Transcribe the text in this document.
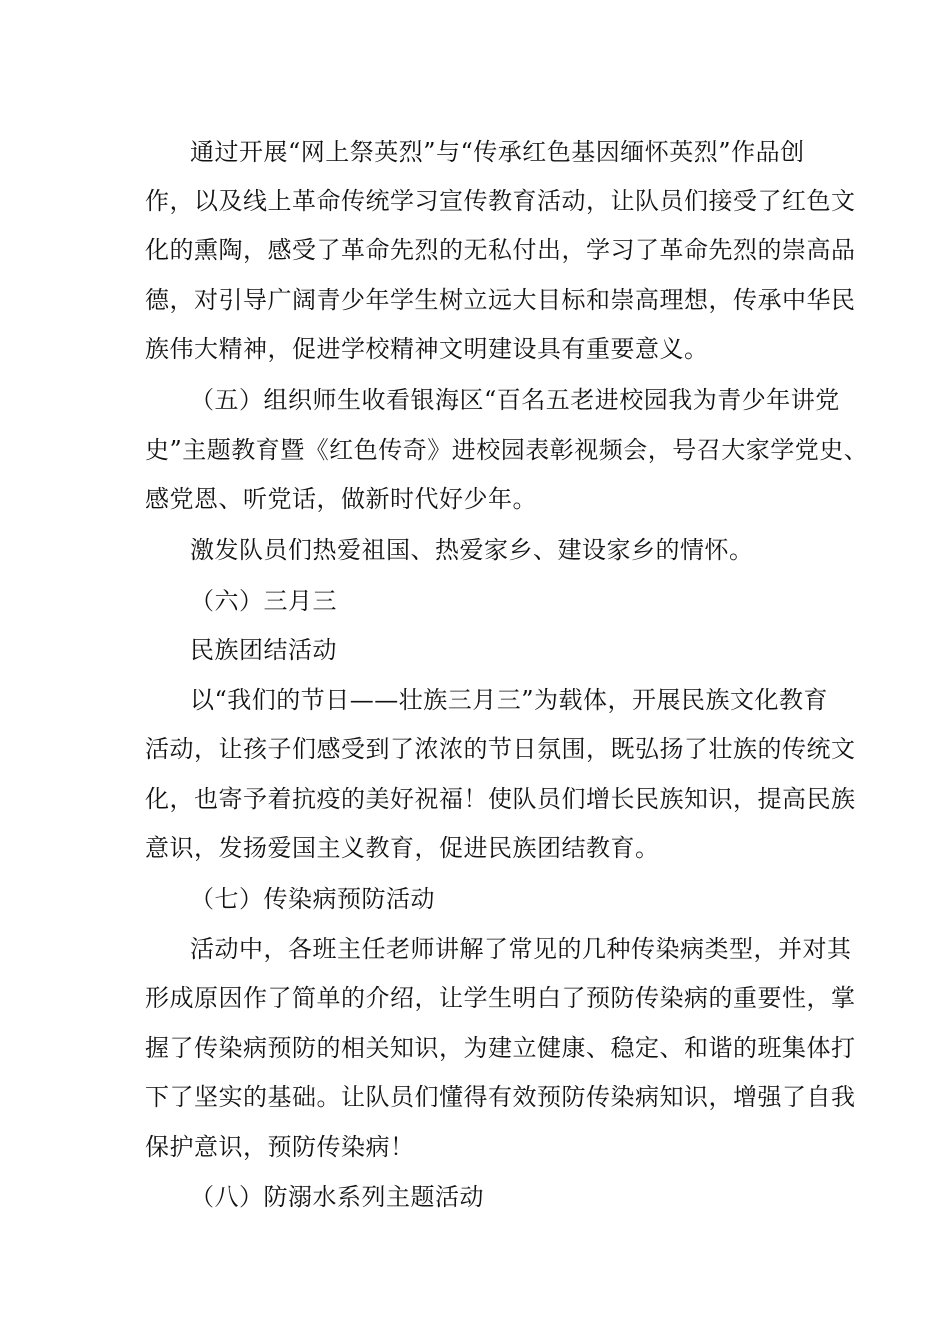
通过开展“网上祭英烈”与“传承红色基因缅怀英烈”作品创
作，以及线上革命传统学习宣传教育活动，让队员们接受了红色文
化的熏陶，感受了革命先烈的无私付出，学习了革命先烈的崇高品
德，对引导广阔青少年学生树立远大目标和崇高理想，传承中华民
族伟大精神，促进学校精神文明建设具有重要意义。
（五）组织师生收看银海区“百名五老进校园我为青少年讲党
史”主题教育暨《红色传奇》进校园表彰视频会，号召大家学党史、
感党恩、听党话，做新时代好少年。
激发队员们热爱祖国、热爱家乡、建设家乡的情怀。
（六）三月三
民族团结活动
以“我们的节日——壮族三月三”为载体，开展民族文化教育
活动，让孩子们感受到了浓浓的节日氛围，既弘扬了壮族的传统文
化，也寄予着抗疫的美好祝福！使队员们增长民族知识，提高民族
意识，发扬爱国主义教育，促进民族团结教育。
（七）传染病预防活动
活动中，各班主任老师讲解了常见的几种传染病类型，并对其
形成原因作了简单的介绍，让学生明白了预防传染病的重要性，掌
握了传染病预防的相关知识，为建立健康、稳定、和谐的班集体打
下了坚实的基础。让队员们懂得有效预防传染病知识，增强了自我
保护意识，预防传染病！
（八）防溺水系列主题活动
